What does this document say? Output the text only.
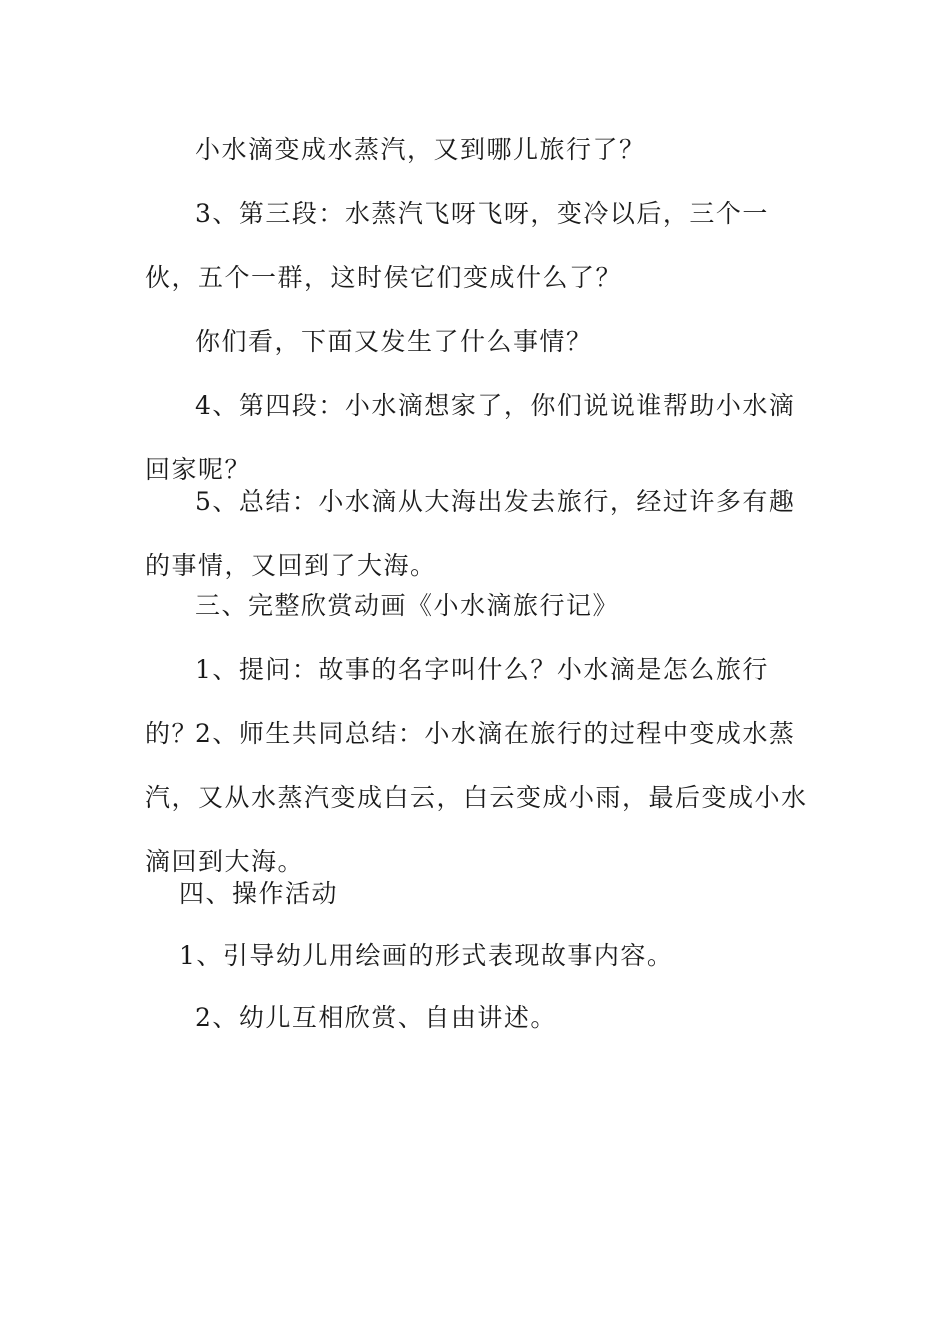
小水滴变成水蒸汽，又到哪儿旅行了？

3、第三段：水蒸汽飞呀飞呀，变冷以后，三个一伙，五个一群，这时侯它们变成什么了？

你们看，下面又发生了什么事情？

4、第四段：小水滴想家了，你们说说谁帮助小水滴回家呢？

5、总结：小水滴从大海出发去旅行，经过许多有趣的事情，又回到了大海。

三、完整欣赏动画《小水滴旅行记》

1、提问：故事的名字叫什么？小水滴是怎么旅行的？

2、师生共同总结：小水滴在旅行的过程中变成水蒸汽，又从水蒸汽变成白云，白云变成小雨，最后变成小水滴回到大海。

四、操作活动

1、引导幼儿用绘画的形式表现故事内容。

2、幼儿互相欣赏、自由讲述。
